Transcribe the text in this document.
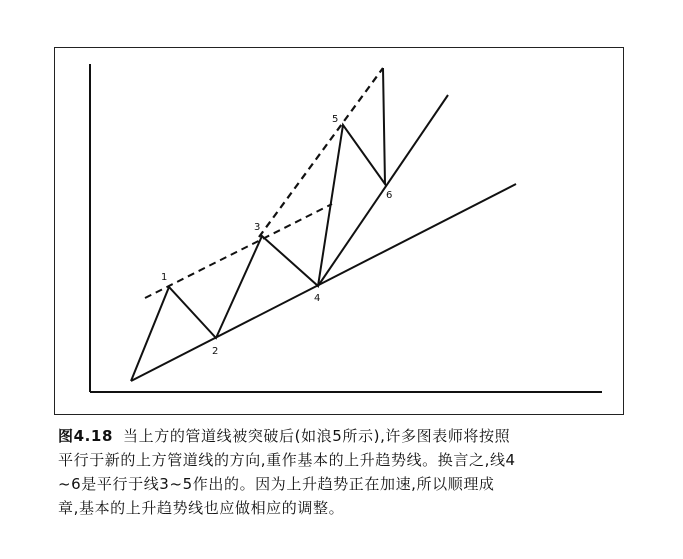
1
2
3
4
5
6
图4.18 当上方的管道线被突破后(如浪5所示),许多图表师将按照
平行于新的上方管道线的方向,重作基本的上升趋势线。换言之,线4
~6是平行于线3~5作出的。因为上升趋势正在加速,所以顺理成
章,基本的上升趋势线也应做相应的调整。
